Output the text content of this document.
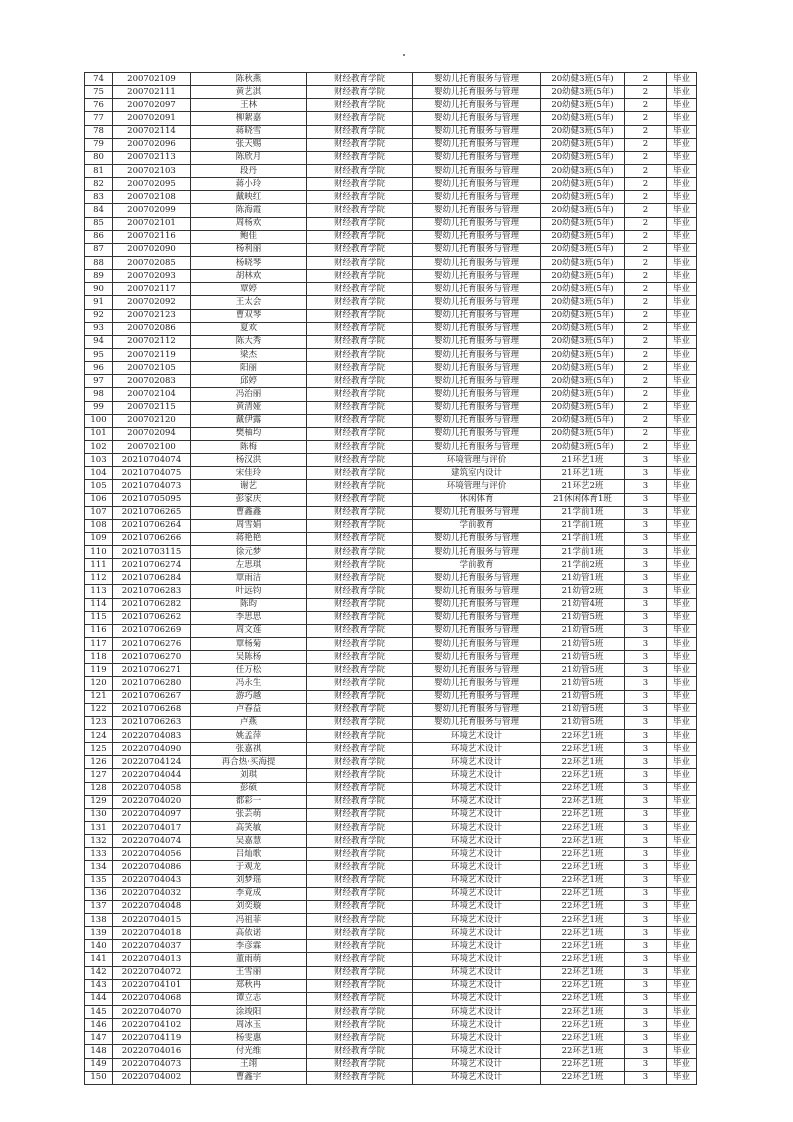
74	200702109	陈秋燕	财经教育学院	婴幼儿托育服务与管理	20幼健3班(5年)	2	毕业
75	200702111	黄艺淇	财经教育学院	婴幼儿托育服务与管理	20幼健3班(5年)	2	毕业
76	200702097	王林	财经教育学院	婴幼儿托育服务与管理	20幼健3班(5年)	2	毕业
77	200702091	柳絮嘉	财经教育学院	婴幼儿托育服务与管理	20幼健3班(5年)	2	毕业
78	200702114	蒋晓雪	财经教育学院	婴幼儿托育服务与管理	20幼健3班(5年)	2	毕业
79	200702096	张天赐	财经教育学院	婴幼儿托育服务与管理	20幼健3班(5年)	2	毕业
80	200702113	陈欣月	财经教育学院	婴幼儿托育服务与管理	20幼健3班(5年)	2	毕业
81	200702103	段丹	财经教育学院	婴幼儿托育服务与管理	20幼健3班(5年)	2	毕业
82	200702095	蒋小玲	财经教育学院	婴幼儿托育服务与管理	20幼健3班(5年)	2	毕业
83	200702108	戴映红	财经教育学院	婴幼儿托育服务与管理	20幼健3班(5年)	2	毕业
84	200702099	陈海霞	财经教育学院	婴幼儿托育服务与管理	20幼健3班(5年)	2	毕业
85	200702101	周杨欢	财经教育学院	婴幼儿托育服务与管理	20幼健3班(5年)	2	毕业
86	200702116	鲍佳	财经教育学院	婴幼儿托育服务与管理	20幼健3班(5年)	2	毕业
87	200702090	杨利丽	财经教育学院	婴幼儿托育服务与管理	20幼健3班(5年)	2	毕业
88	200702085	杨晓琴	财经教育学院	婴幼儿托育服务与管理	20幼健3班(5年)	2	毕业
89	200702093	胡林欢	财经教育学院	婴幼儿托育服务与管理	20幼健3班(5年)	2	毕业
90	200702117	覃婷	财经教育学院	婴幼儿托育服务与管理	20幼健3班(5年)	2	毕业
91	200702092	王太会	财经教育学院	婴幼儿托育服务与管理	20幼健3班(5年)	2	毕业
92	200702123	曹双琴	财经教育学院	婴幼儿托育服务与管理	20幼健3班(5年)	2	毕业
93	200702086	夏欢	财经教育学院	婴幼儿托育服务与管理	20幼健3班(5年)	2	毕业
94	200702112	陈大秀	财经教育学院	婴幼儿托育服务与管理	20幼健3班(5年)	2	毕业
95	200702119	梁杰	财经教育学院	婴幼儿托育服务与管理	20幼健3班(5年)	2	毕业
96	200702105	阳丽	财经教育学院	婴幼儿托育服务与管理	20幼健3班(5年)	2	毕业
97	200702083	邱婷	财经教育学院	婴幼儿托育服务与管理	20幼健3班(5年)	2	毕业
98	200702104	冯治丽	财经教育学院	婴幼儿托育服务与管理	20幼健3班(5年)	2	毕业
99	200702115	黄清娅	财经教育学院	婴幼儿托育服务与管理	20幼健3班(5年)	2	毕业
100	200702120	戴伊露	财经教育学院	婴幼儿托育服务与管理	20幼健3班(5年)	2	毕业
101	200702094	樊柚均	财经教育学院	婴幼儿托育服务与管理	20幼健3班(5年)	2	毕业
102	200702100	陈梅	财经教育学院	婴幼儿托育服务与管理	20幼健3班(5年)	2	毕业
103	20210704074	杨汉洪	财经教育学院	环境管理与评价	21环艺1班	3	毕业
104	20210704075	宋佳玲	财经教育学院	建筑室内设计	21环艺1班	3	毕业
105	20210704073	谢艺	财经教育学院	环境管理与评价	21环艺2班	3	毕业
106	20210705095	彭家庆	财经教育学院	休闲体育	21休闲体育1班	3	毕业
107	20210706265	曹鑫鑫	财经教育学院	婴幼儿托育服务与管理	21学前1班	3	毕业
108	20210706264	周雪娟	财经教育学院	学前教育	21学前1班	3	毕业
109	20210706266	蒋艳艳	财经教育学院	婴幼儿托育服务与管理	21学前1班	3	毕业
110	20210703115	徐元梦	财经教育学院	婴幼儿托育服务与管理	21学前1班	3	毕业
111	20210706274	左思琪	财经教育学院	学前教育	21学前2班	3	毕业
112	20210706284	覃雨洁	财经教育学院	婴幼儿托育服务与管理	21幼管1班	3	毕业
113	20210706283	叶远钧	财经教育学院	婴幼儿托育服务与管理	21幼管2班	3	毕业
114	20210706282	陈昀	财经教育学院	婴幼儿托育服务与管理	21幼管4班	3	毕业
115	20210706262	李思思	财经教育学院	婴幼儿托育服务与管理	21幼管5班	3	毕业
116	20210706269	周文莲	财经教育学院	婴幼儿托育服务与管理	21幼管5班	3	毕业
117	20210706276	覃杨菊	财经教育学院	婴幼儿托育服务与管理	21幼管5班	3	毕业
118	20210706270	吴陈杨	财经教育学院	婴幼儿托育服务与管理	21幼管5班	3	毕业
119	20210706271	任万松	财经教育学院	婴幼儿托育服务与管理	21幼管5班	3	毕业
120	20210706280	冯永生	财经教育学院	婴幼儿托育服务与管理	21幼管5班	3	毕业
121	20210706267	游巧越	财经教育学院	婴幼儿托育服务与管理	21幼管5班	3	毕业
122	20210706268	卢春益	财经教育学院	婴幼儿托育服务与管理	21幼管5班	3	毕业
123	20210706263	卢燕	财经教育学院	婴幼儿托育服务与管理	21幼管5班	3	毕业
124	20220704083	姚孟萍	财经教育学院	环境艺术设计	22环艺1班	3	毕业
125	20220704090	张嘉祺	财经教育学院	环境艺术设计	22环艺1班	3	毕业
126	20220704124	再合热·买海提	财经教育学院	环境艺术设计	22环艺1班	3	毕业
127	20220704044	刘琪	财经教育学院	环境艺术设计	22环艺1班	3	毕业
128	20220704058	彭硕	财经教育学院	环境艺术设计	22环艺1班	3	毕业
129	20220704020	都彩一	财经教育学院	环境艺术设计	22环艺1班	3	毕业
130	20220704097	张芸萌	财经教育学院	环境艺术设计	22环艺1班	3	毕业
131	20220704017	高笑敏	财经教育学院	环境艺术设计	22环艺1班	3	毕业
132	20220704074	吴嘉慧	财经教育学院	环境艺术设计	22环艺1班	3	毕业
133	20220704056	吕灿歌	财经教育学院	环境艺术设计	22环艺1班	3	毕业
134	20220704086	于观龙	财经教育学院	环境艺术设计	22环艺1班	3	毕业
135	20220704043	刘梦瑶	财经教育学院	环境艺术设计	22环艺1班	3	毕业
136	20220704032	李竟成	财经教育学院	环境艺术设计	22环艺1班	3	毕业
137	20220704048	刘奕璇	财经教育学院	环境艺术设计	22环艺1班	3	毕业
138	20220704015	冯祖菲	财经教育学院	环境艺术设计	22环艺1班	3	毕业
139	20220704018	高依诺	财经教育学院	环境艺术设计	22环艺1班	3	毕业
140	20220704037	李彦霖	财经教育学院	环境艺术设计	22环艺1班	3	毕业
141	20220704013	董雨萌	财经教育学院	环境艺术设计	22环艺1班	3	毕业
142	20220704072	王雪丽	财经教育学院	环境艺术设计	22环艺1班	3	毕业
143	20220704101	郑秋冉	财经教育学院	环境艺术设计	22环艺1班	3	毕业
144	20220704068	谭立志	财经教育学院	环境艺术设计	22环艺1班	3	毕业
145	20220704070	涂竣阳	财经教育学院	环境艺术设计	22环艺1班	3	毕业
146	20220704102	周冰玉	财经教育学院	环境艺术设计	22环艺1班	3	毕业
147	20220704119	杨雯惠	财经教育学院	环境艺术设计	22环艺1班	3	毕业
148	20220704016	付光维	财经教育学院	环境艺术设计	22环艺1班	3	毕业
149	20220704073	王翊	财经教育学院	环境艺术设计	22环艺1班	3	毕业
150	20220704002	曹鑫宇	财经教育学院	环境艺术设计	22环艺1班	3	毕业
